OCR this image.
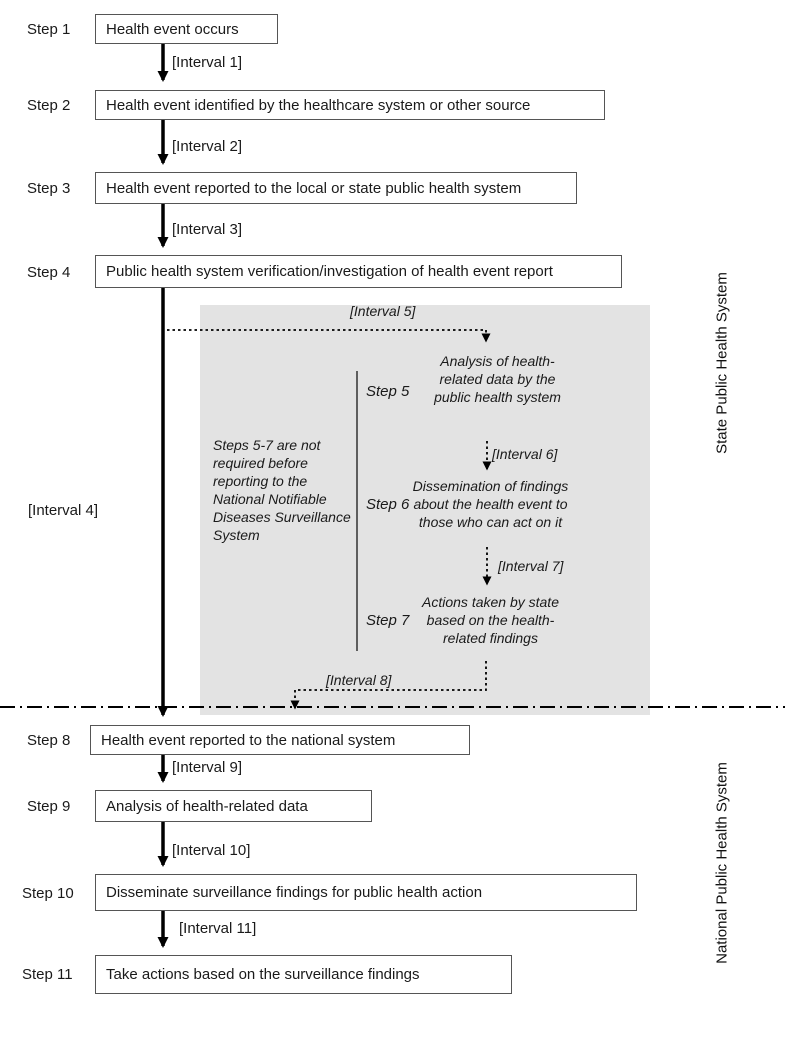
Step 1
Step 2
Step 3
Step 4
Step 8
Step 9
Step 10
Step 11
Health event occurs
Health event identified by the healthcare system or other source
Health event reported to the local or state public health system
Public health system verification/investigation of health event report
Health event reported to the national system
Analysis of health-related data
Disseminate surveillance findings for public health action
Take actions based on the surveillance findings
[Interval 1]
[Interval 2]
[Interval 3]
[Interval 4]
[Interval 9]
[Interval 10]
[Interval 11]
[Interval 5]
[Interval 6]
[Interval 7]
[Interval 8]
Steps 5-7 are not required before reporting to the National Notifiable Diseases Surveillance System
Step 5
Analysis of health-related data by the public health system
Step 6
Dissemination of findings about the health event to those who can act on it
Step 7
Actions taken by state based on the health-related findings
State Public Health System
National Public Health System
